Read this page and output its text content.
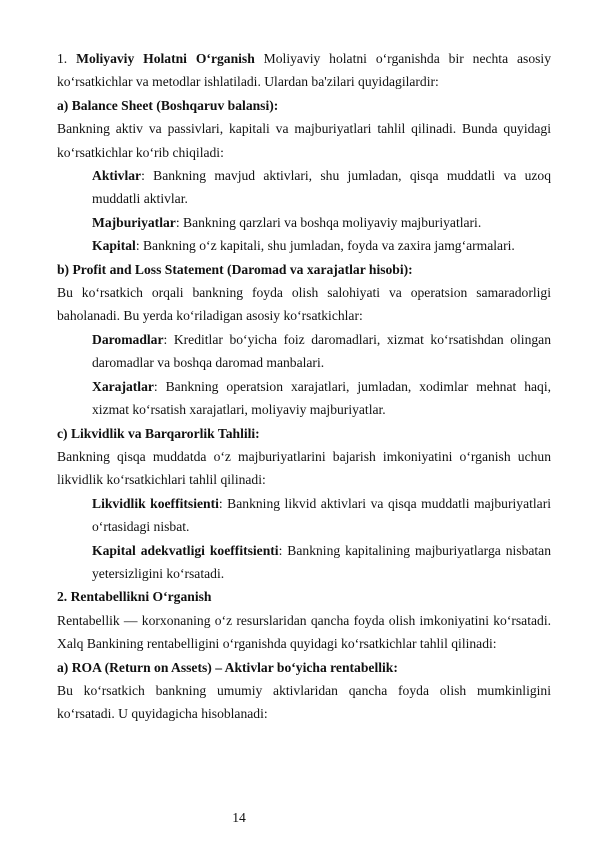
1. Moliyaviy Holatni O‘rganish Moliyaviy holatni o‘rganishda bir nechta asosiy ko‘rsatkichlar va metodlar ishlatiladi. Ulardan ba'zilari quyidagilardir:

a) Balance Sheet (Boshqaruv balansi):

Bankning aktiv va passivlari, kapitali va majburiyatlari tahlil qilinadi. Bunda quyidagi ko‘rsatkichlar ko‘rib chiqiladi:

Aktivlar: Bankning mavjud aktivlari, shu jumladan, qisqa muddatli va uzoq muddatli aktivlar.

Majburiyatlar: Bankning qarzlari va boshqa moliyaviy majburiyatlari.

Kapital: Bankning o‘z kapitali, shu jumladan, foyda va zaxira jamg‘armalari.

b) Profit and Loss Statement (Daromad va xarajatlar hisobi):

Bu ko‘rsatkich orqali bankning foyda olish salohiyati va operatsion samaradorligi baholanadi. Bu yerda ko‘riladigan asosiy ko‘rsatkichlar:

Daromadlar: Kreditlar bo‘yicha foiz daromadlari, xizmat ko‘rsatishdan olingan daromadlar va boshqa daromad manbalari.

Xarajatlar: Bankning operatsion xarajatlari, jumladan, xodimlar mehnat haqi, xizmat ko‘rsatish xarajatlari, moliyaviy majburiyatlar.

c) Likvidlik va Barqarorlik Tahlili:

Bankning qisqa muddatda o‘z majburiyatlarini bajarish imkoniyatini o‘rganish uchun likvidlik ko‘rsatkichlari tahlil qilinadi:

Likvidlik koeffitsienti: Bankning likvid aktivlari va qisqa muddatli majburiyatlari o‘rtasidagi nisbat.

Kapital adekvatligi koeffitsienti: Bankning kapitalining majburiyatlarga nisbatan yetersizligini ko‘rsatadi.

2. Rentabellikni O‘rganish

Rentabellik — korxonaning o‘z resurslaridan qancha foyda olish imkoniyatini ko‘rsatadi. Xalq Bankining rentabelligini o‘rganishda quyidagi ko‘rsatkichlar tahlil qilinadi:

a) ROA (Return on Assets) – Aktivlar bo‘yicha rentabellik:

Bu ko‘rsatkich bankning umumiy aktivlaridan qancha foyda olish mumkinligini ko‘rsatadi. U quyidagicha hisoblanadi:

14
